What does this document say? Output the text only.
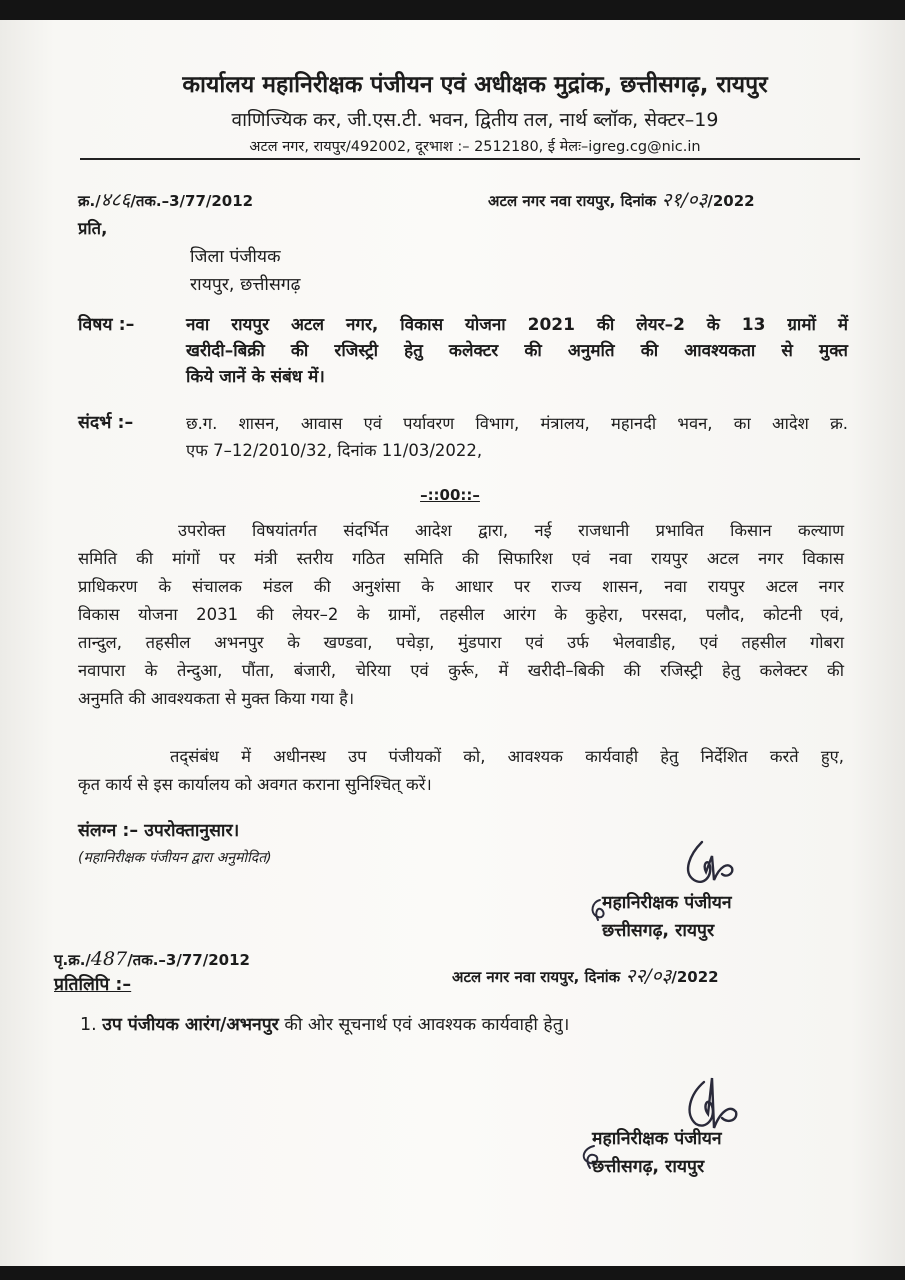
कार्यालय महानिरीक्षक पंजीयन एवं अधीक्षक मुद्रांक, छत्तीसगढ़, रायपुर
वाणिज्यिक कर, जी.एस.टी. भवन, द्वितीय तल, नार्थ ब्लॉक, सेक्टर–19
अटल नगर, रायपुर/492002, दूरभाश :– 2512180, ई मेलः–igreg.cg@nic.in
क्र./४८६/तक.–3/77/2012	अटल नगर नवा रायपुर, दिनांक २१/०३/2022
प्रति,
जिला पंजीयक
रायपुर, छत्तीसगढ़
विषय :–	नवा रायपुर अटल नगर, विकास योजना 2021 की लेयर–2 के 13 ग्रामों में
खरीदी–बिक्री की रजिस्ट्री हेतु कलेक्टर की अनुमति की आवश्यकता से मुक्त
किये जानें के संबंध में।
संदर्भ :–	छ.ग. शासन, आवास एवं पर्यावरण विभाग, मंत्रालय, महानदी भवन, का आदेश क्र.
एफ 7–12/2010/32, दिनांक 11/03/2022,
–::00::–
उपरोक्त विषयांतर्गत संदर्भित आदेश द्वारा, नई राजधानी प्रभावित किसान कल्याण
समिति की मांगों पर मंत्री स्तरीय गठित समिति की सिफारिश एवं नवा रायपुर अटल नगर विकास
प्राधिकरण के संचालक मंडल की अनुशंसा के आधार पर राज्य शासन, नवा रायपुर अटल नगर
विकास योजना 2031 की लेयर–2 के ग्रामों, तहसील आरंग के कुहेरा, परसदा, पलौद, कोटनी एवं,
तान्दुल, तहसील अभनपुर के खण्डवा, पचेड़ा, मुंडपारा एवं उर्फ भेलवाडीह, एवं तहसील गोबरा
नवापारा के तेन्दुआ, पौंता, बंजारी, चेरिया एवं कुर्रू, में खरीदी–बिकी की रजिस्ट्री हेतु कलेक्टर की
अनुमति की आवश्यकता से मुक्त किया गया है।
तद्संबंध में अधीनस्थ उप पंजीयकों को, आवश्यक कार्यवाही हेतु निर्देशित करते हुए,
कृत कार्य से इस कार्यालय को अवगत कराना सुनिश्चित् करें।
संलग्न :– उपरोक्तानुसार।
(महानिरीक्षक पंजीयन द्वारा अनुमोदित)
महानिरीक्षक पंजीयन
छत्तीसगढ़, रायपुर
पृ.क्र./487/तक.–3/77/2012
अटल नगर नवा रायपुर, दिनांक २२/०३/2022
प्रतिलिपि :–
1. उप पंजीयक आरंग/अभनपुर की ओर सूचनार्थ एवं आवश्यक कार्यवाही हेतु।
महानिरीक्षक पंजीयन
छत्तीसगढ़, रायपुर
